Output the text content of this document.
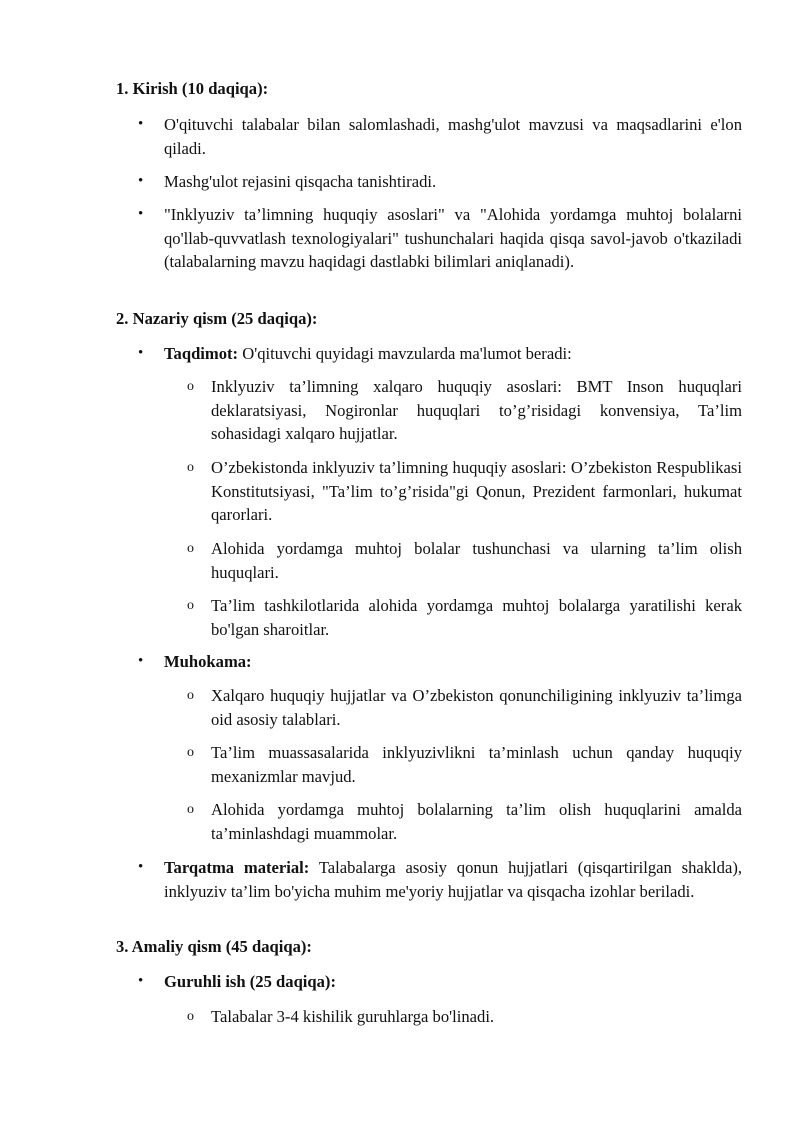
1. Kirish (10 daqiqa):

• O'qituvchi talabalar bilan salomlashadi, mashg'ulot mavzusi va maqsadlarini e'lon qiladi.

• Mashg'ulot rejasini qisqacha tanishtiradi.

• "Inklyuziv ta’limning huquqiy asoslari" va "Alohida yordamga muhtoj bolalarni qo'llab-quvvatlash texnologiyalari" tushunchalari haqida qisqa savol-javob o'tkaziladi (talabalarning mavzu haqidagi dastlabki bilimlari aniqlanadi).

2. Nazariy qism (25 daqiqa):

• Taqdimot: O'qituvchi quyidagi mavzularda ma'lumot beradi:

o Inklyuziv ta’limning xalqaro huquqiy asoslari: BMT Inson huquqlari deklaratsiyasi, Nogironlar huquqlari to’g’risidagi konvensiya, Ta’lim sohasidagi xalqaro hujjatlar.

o O’zbekistonda inklyuziv ta’limning huquqiy asoslari: O’zbekiston Respublikasi Konstitutsiyasi, "Ta’lim to’g’risida"gi Qonun, Prezident farmonlari, hukumat qarorlari.

o Alohida yordamga muhtoj bolalar tushunchasi va ularning ta’lim olish huquqlari.

o Ta’lim tashkilotlarida alohida yordamga muhtoj bolalarga yaratilishi kerak bo'lgan sharoitlar.

• Muhokama:

o Xalqaro huquqiy hujjatlar va O’zbekiston qonunchiligining inklyuziv ta’limga oid asosiy talablari.

o Ta’lim muassasalarida inklyuzivlikni ta’minlash uchun qanday huquqiy mexanizmlar mavjud.

o Alohida yordamga muhtoj bolalarning ta’lim olish huquqlarini amalda ta’minlashdagi muammolar.

• Tarqatma material: Talabalarga asosiy qonun hujjatlari (qisqartirilgan shaklda), inklyuziv ta’lim bo'yicha muhim me'yoriy hujjatlar va qisqacha izohlar beriladi.

3. Amaliy qism (45 daqiqa):

• Guruhli ish (25 daqiqa):

o Talabalar 3-4 kishilik guruhlarga bo'linadi.
